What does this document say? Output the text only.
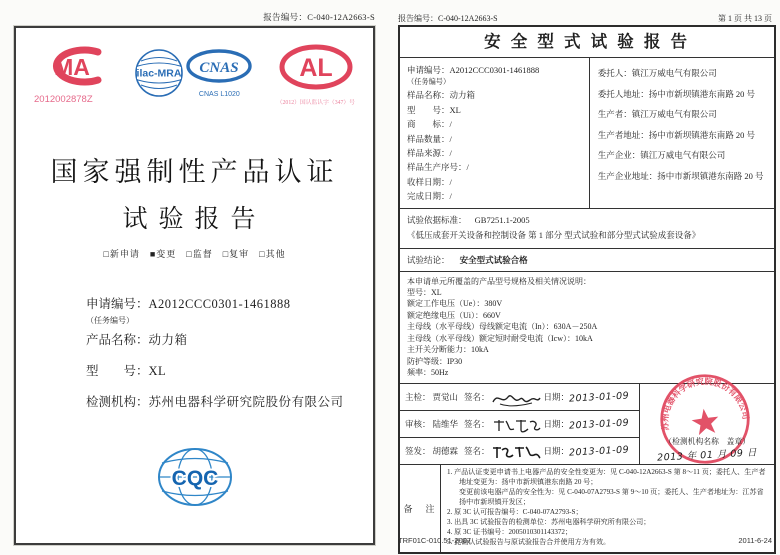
报告编号：C-040-12A2663-S
MA
2012002878Z
ilac-MRA CNAS
CNAS L1020
AL
（2012）国认监认字（347）号
国家强制性产品认证
试验报告
□新申请　■变更　□监督　□复审　□其他
申请编号：A2012CCC0301-1461888
（任务编号）
产品名称：动力箱
型　　号：XL
检测机构：苏州电器科学研究院股份有限公司
CQC
报告编号：C-040-12A2663-S	第 1 页 共 13 页
安 全 型 式 试 验 报 告
申请编号：A2012CCC0301-1461888
（任务编号）
样品名称：动力箱
型　　号：XL
商　　标：/
样品数量：/
样品来源：/
样品生产序号：/
收样日期：/
完成日期：/
委托人：镇江万威电气有限公司
委托人地址：扬中市新坝镇港东南路 20 号
生产者：镇江万威电气有限公司
生产者地址：扬中市新坝镇港东南路 20 号
生产企业：镇江万威电气有限公司
生产企业地址：扬中市新坝镇港东南路 20 号
试验依据标准： GB7251.1-2005
《低压成套开关设备和控制设备 第 1 部分 型式试验和部分型式试验成套设备》
试验结论： 安全型式试验合格
本申请单元所覆盖的产品型号规格及相关情况说明：
型号：XL
额定工作电压（Ue）：380V
额定绝缘电压（Ui）：660V
主母线（水平母线）母线额定电流（In）：630A－250A
主母线（水平母线）额定短时耐受电流（Icw）：10kA
主开关分断能力：10kA
防护等级：IP30
频率：50Hz
主检： 贾觉山 签名：	日期： 2013-01-09
审核： 陆维华 签名：	日期： 2013-01-09
签发： 胡德霖 签名：	日期： 2013-01-09
苏州电器科学研究院股份有限公司
（检测机构名称　盖章）
2013 年 01 月 09 日
备　注
1. 产品认证变更申请书上电器产品的安全性变更为：见 C-040-12A2663-S 第 8～11 页；委托人、生产者地址变更为：扬中市新坝镇港东南路 20 号；
变更前该电器产品的安全性为：见 C-040-07A2793-S 第 9～10 页；委托人、生产者地址为：江苏省扬中市新坝镇开发区；
2. 原 3C 认可报告编号：C-040-07A2793-S；
3. 出具 3C 试验报告的检测单位：苏州电器科学研究所有限公司；
4. 原 3C 证书编号：2005010301143372；
5. 此确认试验报告与原试验报告合并使用方为有效。
TRF01C-010.51-2007	2011-6-24
